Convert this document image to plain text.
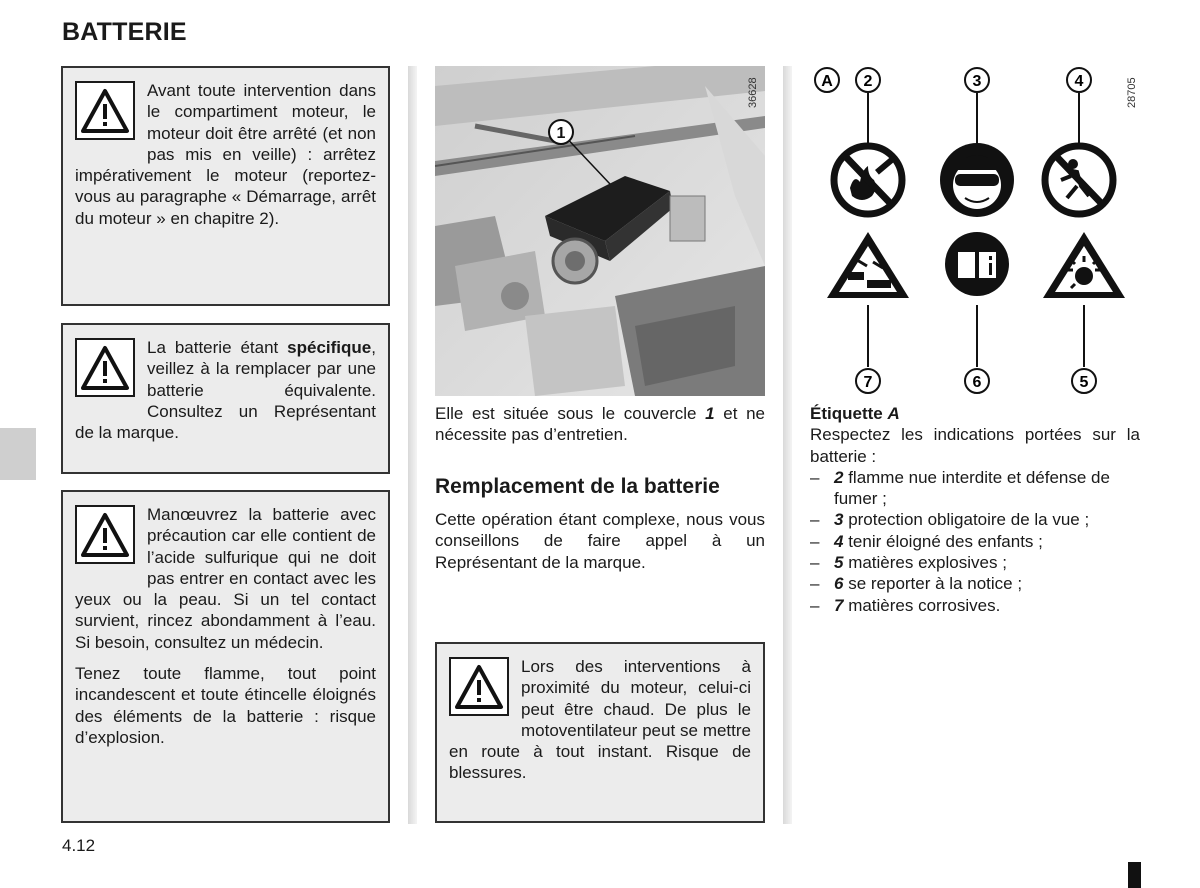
BATTERIE

Avant toute intervention dans le compartiment moteur, le moteur doit être arrêté (et non pas mis en veille) : arrêtez impérativement le moteur (reportez-vous au paragraphe « Démarrage, arrêt du moteur » en chapitre 2).

La batterie étant spécifique, veillez à la remplacer par une batterie équivalente. Consultez un Représentant de la marque.

Manœuvrez la batterie avec précaution car elle contient de l’acide sulfurique qui ne doit pas entrer en contact avec les yeux ou la peau. Si un tel contact survient, rincez abondamment à l’eau. Si besoin, consultez un médecin.

Tenez toute flamme, tout point incandescent et toute étincelle éloignés des éléments de la batterie : risque d’explosion.

1
36628
Elle est située sous le couvercle 1 et ne nécessite pas d’entretien.
Remplacement de la batterie
Cette opération étant complexe, nous vous conseillons de faire appel à un Représentant de la marque.

Lors des interventions à proximité du moteur, celui-ci peut être chaud. De plus le motoventilateur peut se mettre en route à tout instant. Risque de blessures.

A 2	3	4
7	6	5
28705
Étiquette A
Respectez les indications portées sur la batterie :
– 2 flamme nue interdite et défense de fumer ;
– 3 protection obligatoire de la vue ;
– 4 tenir éloigné des enfants ;
– 5 matières explosives ;
– 6 se reporter à la notice ;
– 7 matières corrosives.
4.12
